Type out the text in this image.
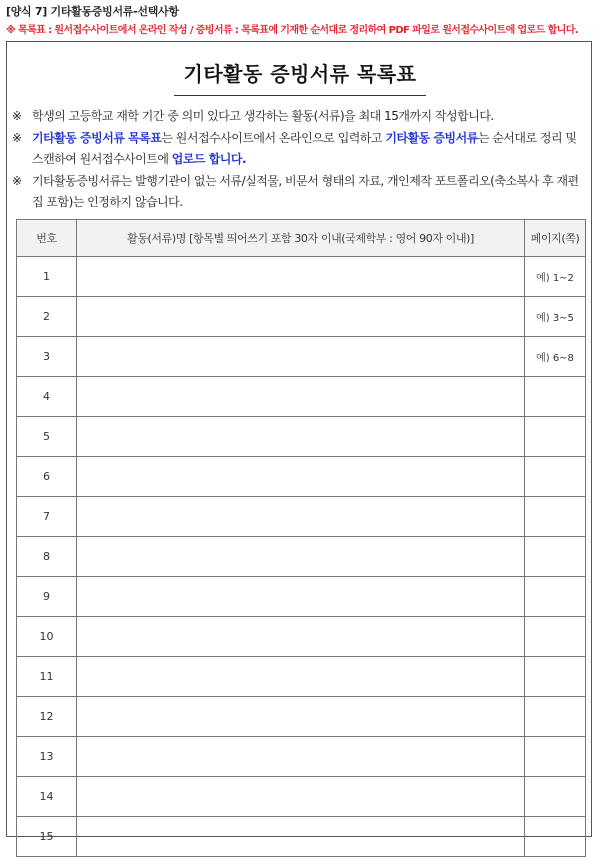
[양식 7] 기타활동증빙서류-선택사항
※ 목록표 : 원서접수사이트에서 온라인 작성 / 증빙서류 : 목록표에 기재한 순서대로 정리하여 PDF 파일로 원서접수사이트에 업로드 합니다.
기타활동 증빙서류 목록표
※ 학생의 고등학교 재학 기간 중 의미 있다고 생각하는 활동(서류)을 최대 15개까지 작성합니다.
※ 기타활동 증빙서류 목록표는 원서접수사이트에서 온라인으로 입력하고 기타활동 증빙서류는 순서대로 정리 및 스캔하여 원서접수사이트에 업로드 합니다.
※ 기타활동증빙서류는 발행기관이 없는 서류/실적물, 비문서 형태의 자료, 개인제작 포트폴리오(축소복사 후 재편집 포함)는 인정하지 않습니다.
번호	활동(서류)명 [항목별 띄어쓰기 포함 30자 이내(국제학부 : 영어 90자 이내)]	페이지(쪽)
1		예) 1~2
2		예) 3~5
3		예) 6~8
4		
5		
6		
7		
8		
9		
10		
11		
12		
13		
14		
15		
